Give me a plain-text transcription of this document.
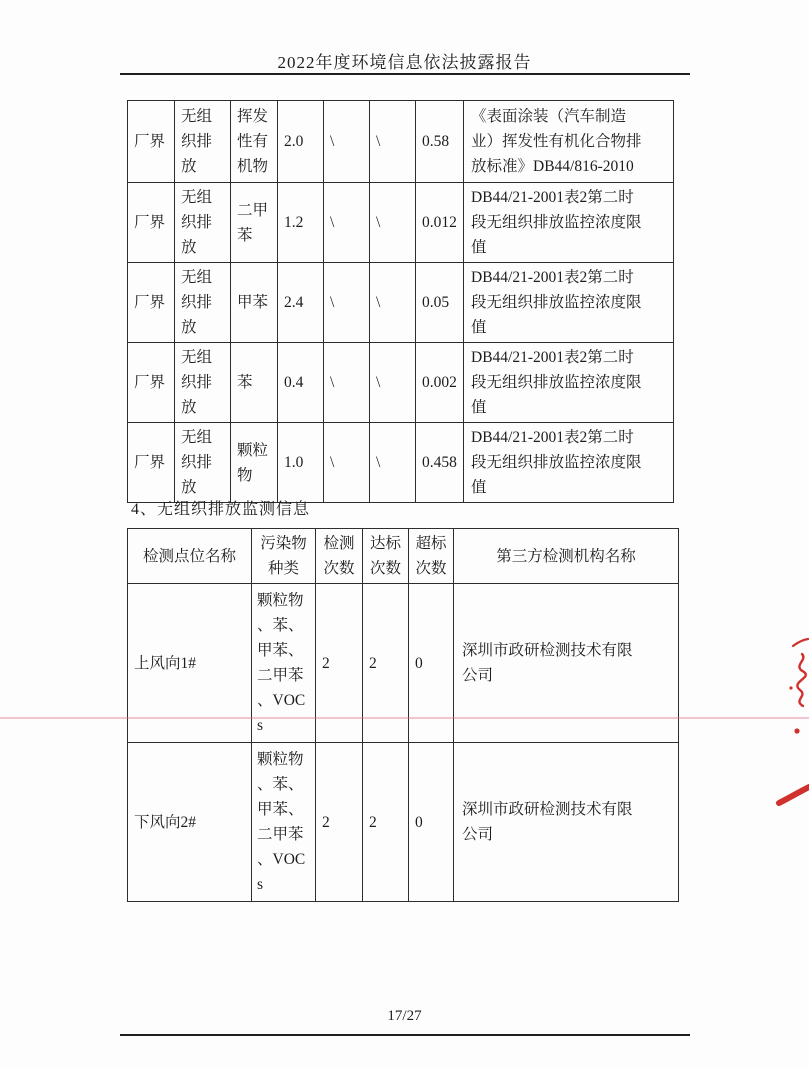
2022年度环境信息依法披露报告
厂界	无组织排放	挥发性有机物	2.0	\	\	0.58	《表面涂装（汽车制造业）挥发性有机化合物排放标准》DB44/816-2010
厂界	无组织排放	二甲苯	1.2	\	\	0.012	DB44/21-2001表2第二时段无组织排放监控浓度限值
厂界	无组织排放	甲苯	2.4	\	\	0.05	DB44/21-2001表2第二时段无组织排放监控浓度限值
厂界	无组织排放	苯	0.4	\	\	0.002	DB44/21-2001表2第二时段无组织排放监控浓度限值
厂界	无组织排放	颗粒物	1.0	\	\	0.458	DB44/21-2001表2第二时段无组织排放监控浓度限值
4、无组织排放监测信息
检测点位名称	污染物种类	检测次数	达标次数	超标次数	第三方检测机构名称
上风向1#	颗粒物、苯、甲苯、二甲苯、VOCs	2	2	0	深圳市政研检测技术有限公司
下风向2#	颗粒物、苯、甲苯、二甲苯、VOCs	2	2	0	深圳市政研检测技术有限公司
17/27
